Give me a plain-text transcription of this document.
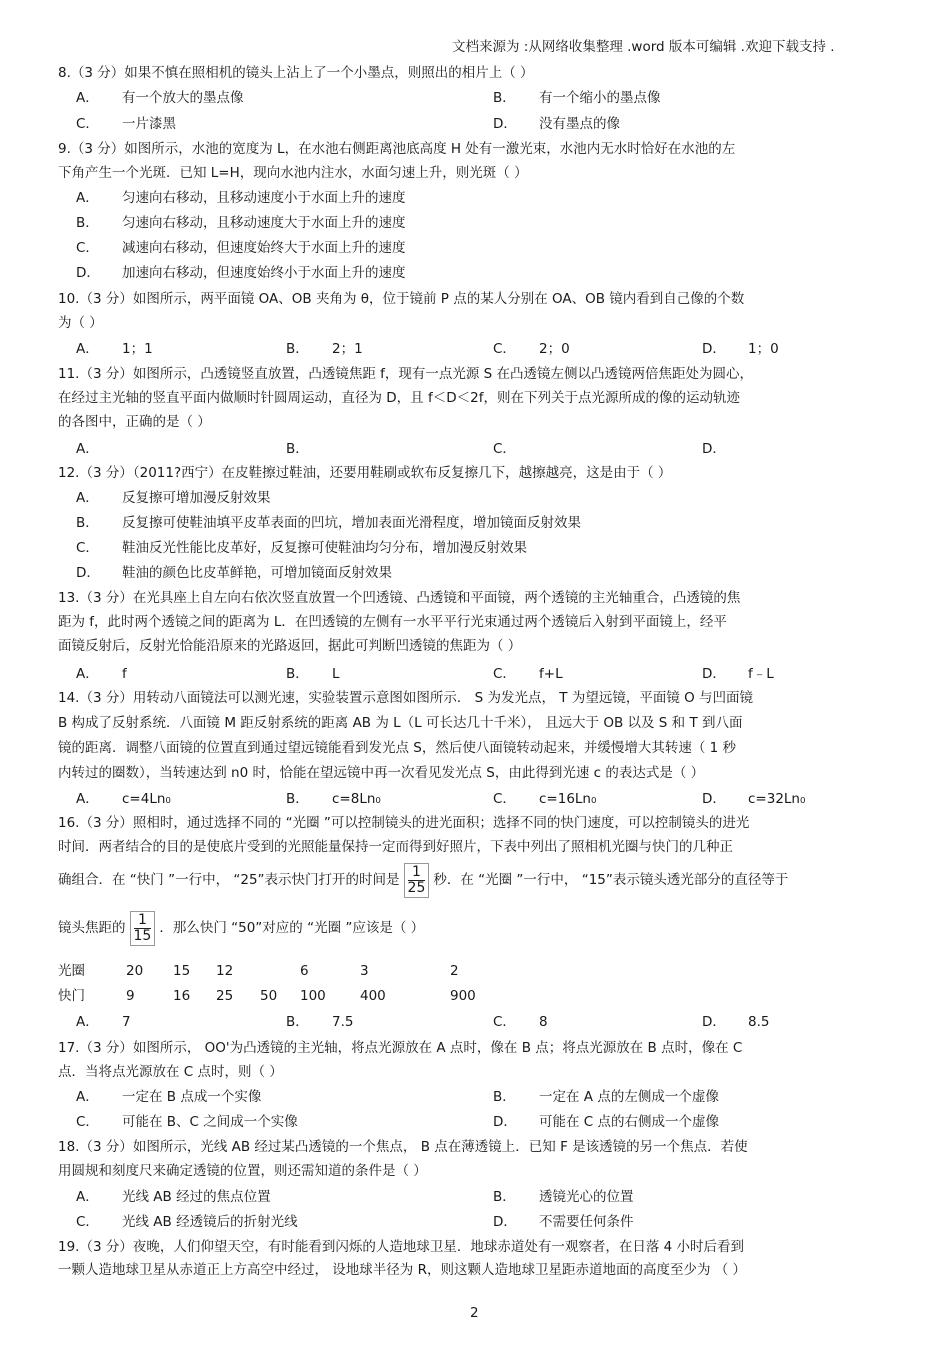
文档来源为 :从网络收集整理 .word 版本可编辑 .欢迎下载支持 .
8.（3 分）如果不慎在照相机的镜头上沾上了一个小墨点，则照出的相片上（ ）
A． 有一个放大的墨点像	B． 有一个缩小的墨点像
C． 一片漆黑	D． 没有墨点的像
9.（3 分）如图所示，水池的宽度为 L，在水池右侧距离池底高度 H 处有一激光束，水池内无水时恰好在水池的左
下角产生一个光斑．已知 L=H，现向水池内注水，水面匀速上升，则光斑（ ）
A． 匀速向右移动，且移动速度小于水面上升的速度
B． 匀速向右移动，且移动速度大于水面上升的速度
C． 减速向右移动，但速度始终大于水面上升的速度
D． 加速向右移动，但速度始终小于水面上升的速度
10.（3 分）如图所示，两平面镜 OA、OB 夹角为 θ，位于镜前 P 点的某人分别在 OA、OB 镜内看到自己像的个数
为（ ）
A． 1；1	B． 2；1	C． 2；0	D． 1；0
11.（3 分）如图所示，凸透镜竖直放置，凸透镜焦距 f，现有一点光源 S 在凸透镜左侧以凸透镜两倍焦距处为圆心，
在经过主光轴的竖直平面内做顺时针圆周运动，直径为 D，且 f＜D＜2f，则在下列关于点光源所成的像的运动轨迹
的各图中，正确的是（ ）
A．	B．	C．	D．
12.（3 分）（2011?西宁）在皮鞋擦过鞋油，还要用鞋刷或软布反复擦几下，越擦越亮，这是由于（ ）
A． 反复擦可增加漫反射效果
B． 反复擦可使鞋油填平皮革表面的凹坑，增加表面光滑程度，增加镜面反射效果
C． 鞋油反光性能比皮革好，反复擦可使鞋油均匀分布，增加漫反射效果
D． 鞋油的颜色比皮革鲜艳，可增加镜面反射效果
13.（3 分）在光具座上自左向右依次竖直放置一个凹透镜、凸透镜和平面镜，两个透镜的主光轴重合，凸透镜的焦
距为 f，此时两个透镜之间的距离为 L．在凹透镜的左侧有一水平平行光束通过两个透镜后入射到平面镜上，经平
面镜反射后，反射光恰能沿原来的光路返回，据此可判断凹透镜的焦距为（ ）
A． f	B． L	C． f+L	D． f﹣L
14.（3 分）用转动八面镜法可以测光速，实验装置示意图如图所示． S 为发光点， T 为望远镜，平面镜 O 与凹面镜
B 构成了反射系统．八面镜 M 距反射系统的距离 AB 为 L（L 可长达几十千米）， 且远大于 OB 以及 S 和 T 到八面
镜的距离．调整八面镜的位置直到通过望远镜能看到发光点 S，然后使八面镜转动起来，并缓慢增大其转速（ 1 秒
内转过的圈数），当转速达到 n0 时，恰能在望远镜中再一次看见发光点 S，由此得到光速 c 的表达式是（ ）
A． c=4Ln₀	B． c=8Ln₀	C． c=16Ln₀	D． c=32Ln₀
16.（3 分）照相时，通过选择不同的 “光圈 ”可以控制镜头的进光面积；选择不同的快门速度，可以控制镜头的进光
时间．两者结合的目的是使底片受到的光照能量保持一定而得到好照片，下表中列出了照相机光圈与快门的几种正
确组合．在 “快门 ”一行中， “25”表示快门打开的时间是 $\frac{1}{25}$ 秒．在 “光圈 ”一行中， “15”表示镜头透光部分的直径等于
镜头焦距的 $\frac{1}{15}$ ．那么快门 “50”对应的 “光圈 ”应该是（ ）
光圈	20 15 12	6	3	2
快门	9	16 25 50 100	400	900
A． 7	B． 7.5	C． 8	D． 8.5
17.（3 分）如图所示， OO'为凸透镜的主光轴，将点光源放在 A 点时，像在 B 点；将点光源放在 B 点时，像在 C
点．当将点光源放在 C 点时，则（ ）
A． 一定在 B 点成一个实像	B． 一定在 A 点的左侧成一个虚像
C． 可能在 B、C 之间成一个实像	D． 可能在 C 点的右侧成一个虚像
18.（3 分）如图所示，光线 AB 经过某凸透镜的一个焦点， B 点在薄透镜上．已知 F 是该透镜的另一个焦点．若使
用圆规和刻度尺来确定透镜的位置，则还需知道的条件是（ ）
A． 光线 AB 经过的焦点位置	B． 透镜光心的位置
C． 光线 AB 经透镜后的折射光线	D． 不需要任何条件
19.（3 分）夜晚，人们仰望天空，有时能看到闪烁的人造地球卫星．地球赤道处有一观察者，在日落 4 小时后看到
一颗人造地球卫星从赤道正上方高空中经过， 设地球半径为 R，则这颗人造地球卫星距赤道地面的高度至少为 （ ）
2
